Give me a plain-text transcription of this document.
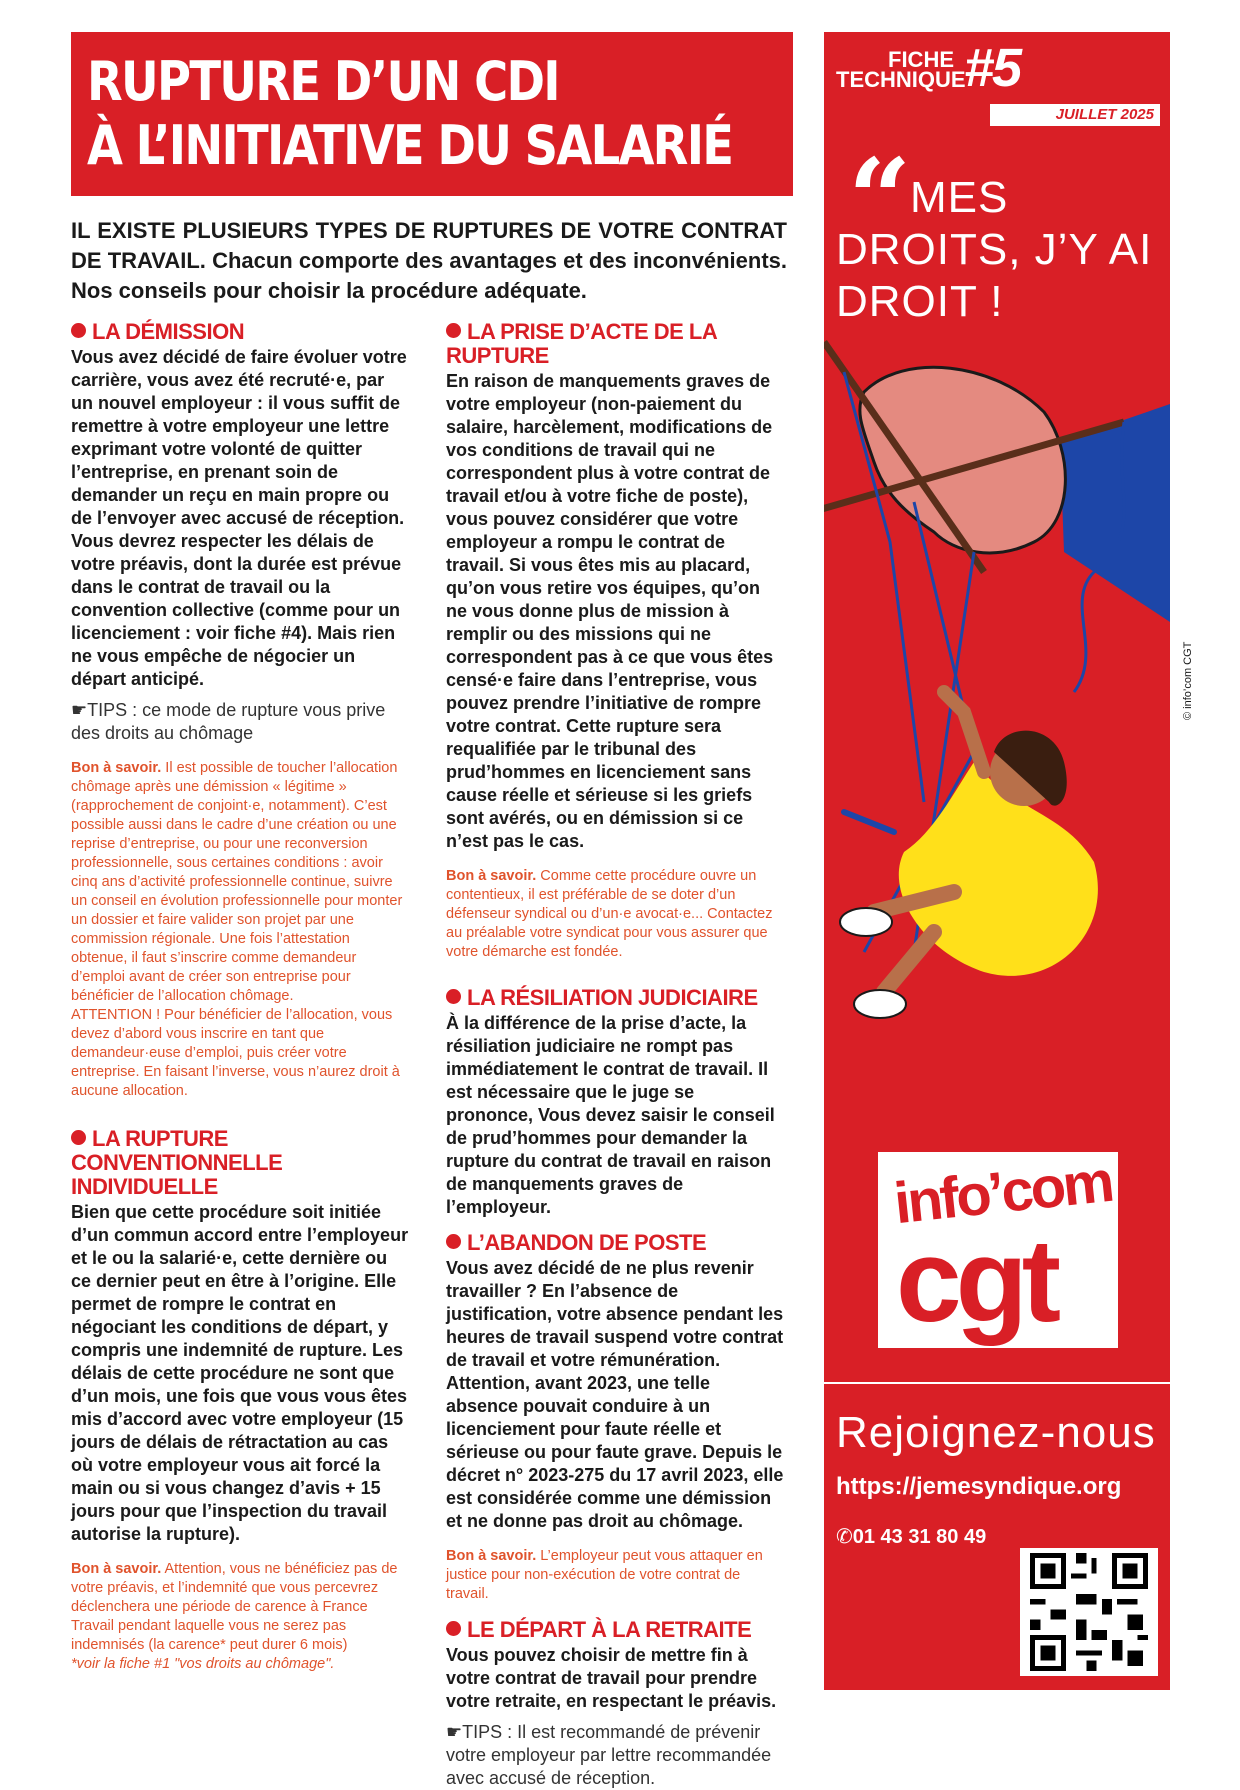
RUPTURE D’UN CDI
À L’INITIATIVE DU SALARIÉ
IL EXISTE PLUSIEURS TYPES DE RUPTURES DE VOTRE CONTRAT DE TRAVAIL. Chacun comporte des avantages et des inconvénients. Nos conseils pour choisir la procédure adéquate.
LA DÉMISSION

Vous avez décidé de faire évoluer votre carrière, vous avez été recruté·e, par un nouvel employeur : il vous suffit de remettre à votre employeur une lettre exprimant votre volonté de quitter l’entreprise, en prenant soin de demander un reçu en main propre ou de l’envoyer avec accusé de réception. Vous devrez respecter les délais de votre préavis, dont la durée est prévue dans le contrat de travail ou la convention collective (comme pour un licenciement : voir fiche #4). Mais rien ne vous empêche de négocier un départ anticipé.

☛TIPS : ce mode de rupture vous prive des droits au chômage

Bon à savoir. Il est possible de toucher l’allocation chômage après une démission « légitime » (rapprochement de conjoint·e, notamment). C’est possible aussi dans le cadre d’une création ou une reprise d’entreprise, ou pour une reconversion professionnelle, sous certaines conditions : avoir cinq ans d’activité professionnelle continue, suivre un conseil en évolution professionnelle pour monter un dossier et faire valider son projet par une commission régionale. Une fois l’attestation obtenue, il faut s’inscrire comme demandeur d’emploi avant de créer son entreprise pour bénéficier de l’allocation chômage.
ATTENTION ! Pour bénéficier de l’allocation, vous devez d’abord vous inscrire en tant que demandeur·euse d’emploi, puis créer votre entreprise. En faisant l’inverse, vous n’aurez droit à aucune allocation.

LA RUPTURE CONVENTIONNELLE INDIVIDUELLE

Bien que cette procédure soit initiée d’un commun accord entre l’employeur et le ou la salarié·e, cette dernière ou ce dernier peut en être à l’origine. Elle permet de rompre le contrat en négociant les conditions de départ, y compris une indemnité de rupture. Les délais de cette procédure ne sont que d’un mois, une fois que vous vous êtes mis d’accord avec votre employeur (15 jours de délais de rétractation au cas où votre employeur vous ait forcé la main ou si vous changez d’avis + 15 jours pour que l’inspection du travail autorise la rupture).

Bon à savoir. Attention, vous ne bénéficiez pas de votre préavis, et l’indemnité que vous percevrez déclenchera une période de carence à France Travail pendant laquelle vous ne serez pas indemnisés (la carence* peut durer 6 mois)
*voir la fiche #1 "vos droits au chômage".

LA PRISE D’ACTE DE LA RUPTURE

En raison de manquements graves de votre employeur (non-paiement du salaire, harcèlement, modifications de vos conditions de travail qui ne correspondent plus à votre contrat de travail et/ou à votre fiche de poste), vous pouvez considérer que votre employeur a rompu le contrat de travail. Si vous êtes mis au placard, qu’on vous retire vos équipes, qu’on ne vous donne plus de mission à remplir ou des missions qui ne correspondent pas à ce que vous êtes censé·e faire dans l’entreprise, vous pouvez prendre l’initiative de rompre votre contrat. Cette rupture sera requalifiée par le tribunal des prud’hommes en licenciement sans cause réelle et sérieuse si les griefs sont avérés, ou en démission si ce n’est pas le cas.

Bon à savoir. Comme cette procédure ouvre un contentieux, il est préférable de se doter d’un défenseur syndical ou d’un·e avocat·e... Contactez au préalable votre syndicat pour vous assurer que votre démarche est fondée.

LA RÉSILIATION JUDICIAIRE

À la différence de la prise d’acte, la résiliation judiciaire ne rompt pas immédiatement le contrat de travail. Il est nécessaire que le juge se prononce, Vous devez saisir le conseil de prud’hommes pour demander la rupture du contrat de travail en raison de manquements graves de l’employeur.

L’ABANDON DE POSTE

Vous avez décidé de ne plus revenir travailler ? En l’absence de justification, votre absence pendant les heures de travail suspend votre contrat de travail et votre rémunération. Attention, avant 2023, une telle absence pouvait conduire à un licenciement pour faute réelle et sérieuse ou pour faute grave. Depuis le décret n° 2023-275 du 17 avril 2023, elle est considérée comme une démission et ne donne pas droit au chômage.

Bon à savoir. L’employeur peut vous attaquer en justice pour non-exécution de votre contrat de travail.

LE DÉPART À LA RETRAITE

Vous pouvez choisir de mettre fin à votre contrat de travail pour prendre votre retraite, en respectant le préavis.

☛TIPS : Il est recommandé de prévenir votre employeur par lettre recommandée avec accusé de réception.

FICHE
TECHNIQUE
#5
JUILLET 2025
“
MES DROITS, J’Y AI DROIT !
info’com
cgt
Rejoignez-nous
https://jemesyndique.org
✆01 43 31 80 49
© info’com CGT
